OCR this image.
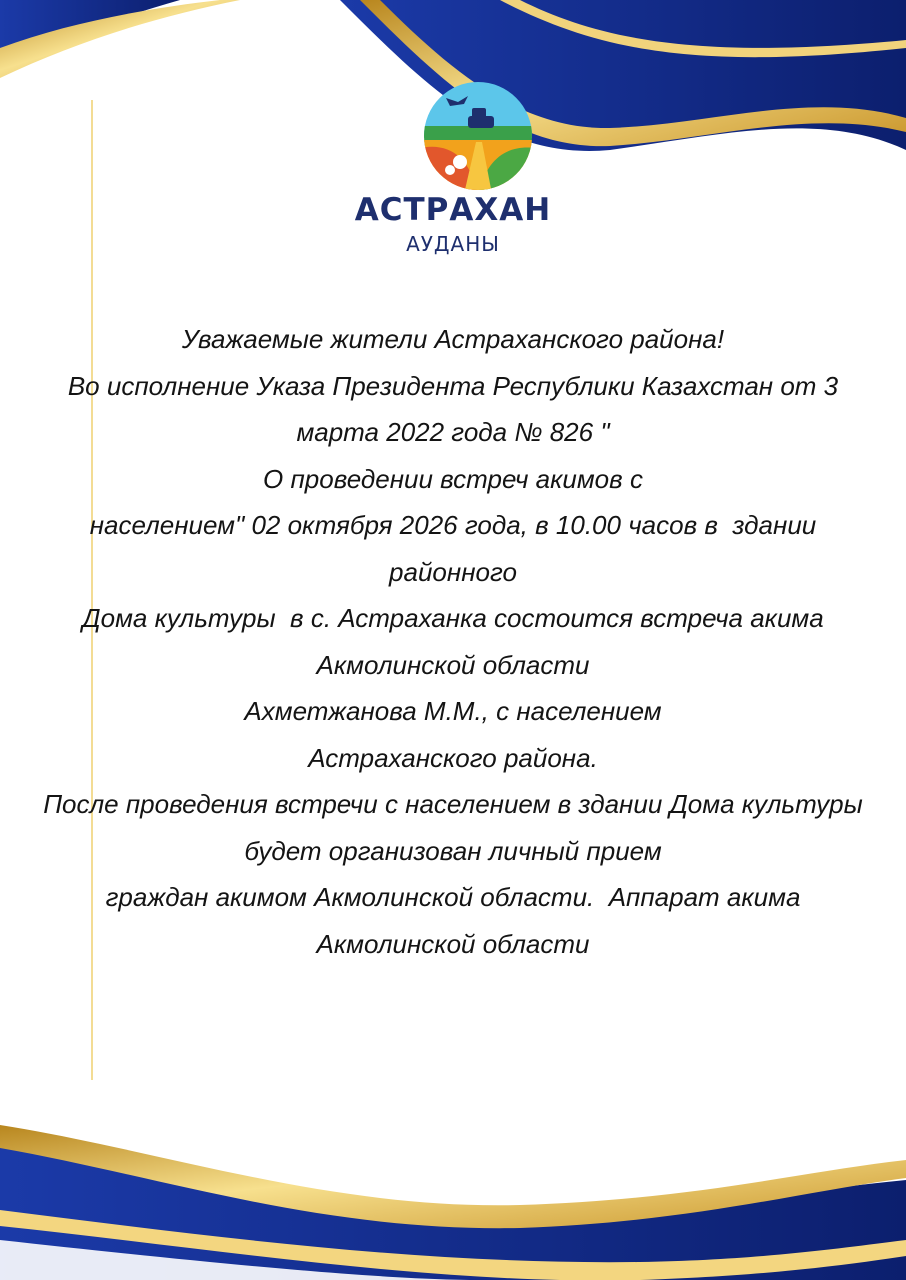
АСТРАХАН
АУДАНЫ
Уважаемые жители Астраханского района!
Во исполнение Указа Президента Республики Казахстан от 3
марта 2022 года № 826 "
О проведении встреч акимов с
населением" 02 октября 2026 года, в 10.00 часов в  здании
районного
Дома культуры  в с. Астраханка состоится встреча акима
Акмолинской области
Ахметжанова М.М., с населением
Астраханского района.
После проведения встречи с населением в здании Дома культуры
будет организован личный прием
граждан акимом Акмолинской области.  Аппарат акима
Акмолинской области
